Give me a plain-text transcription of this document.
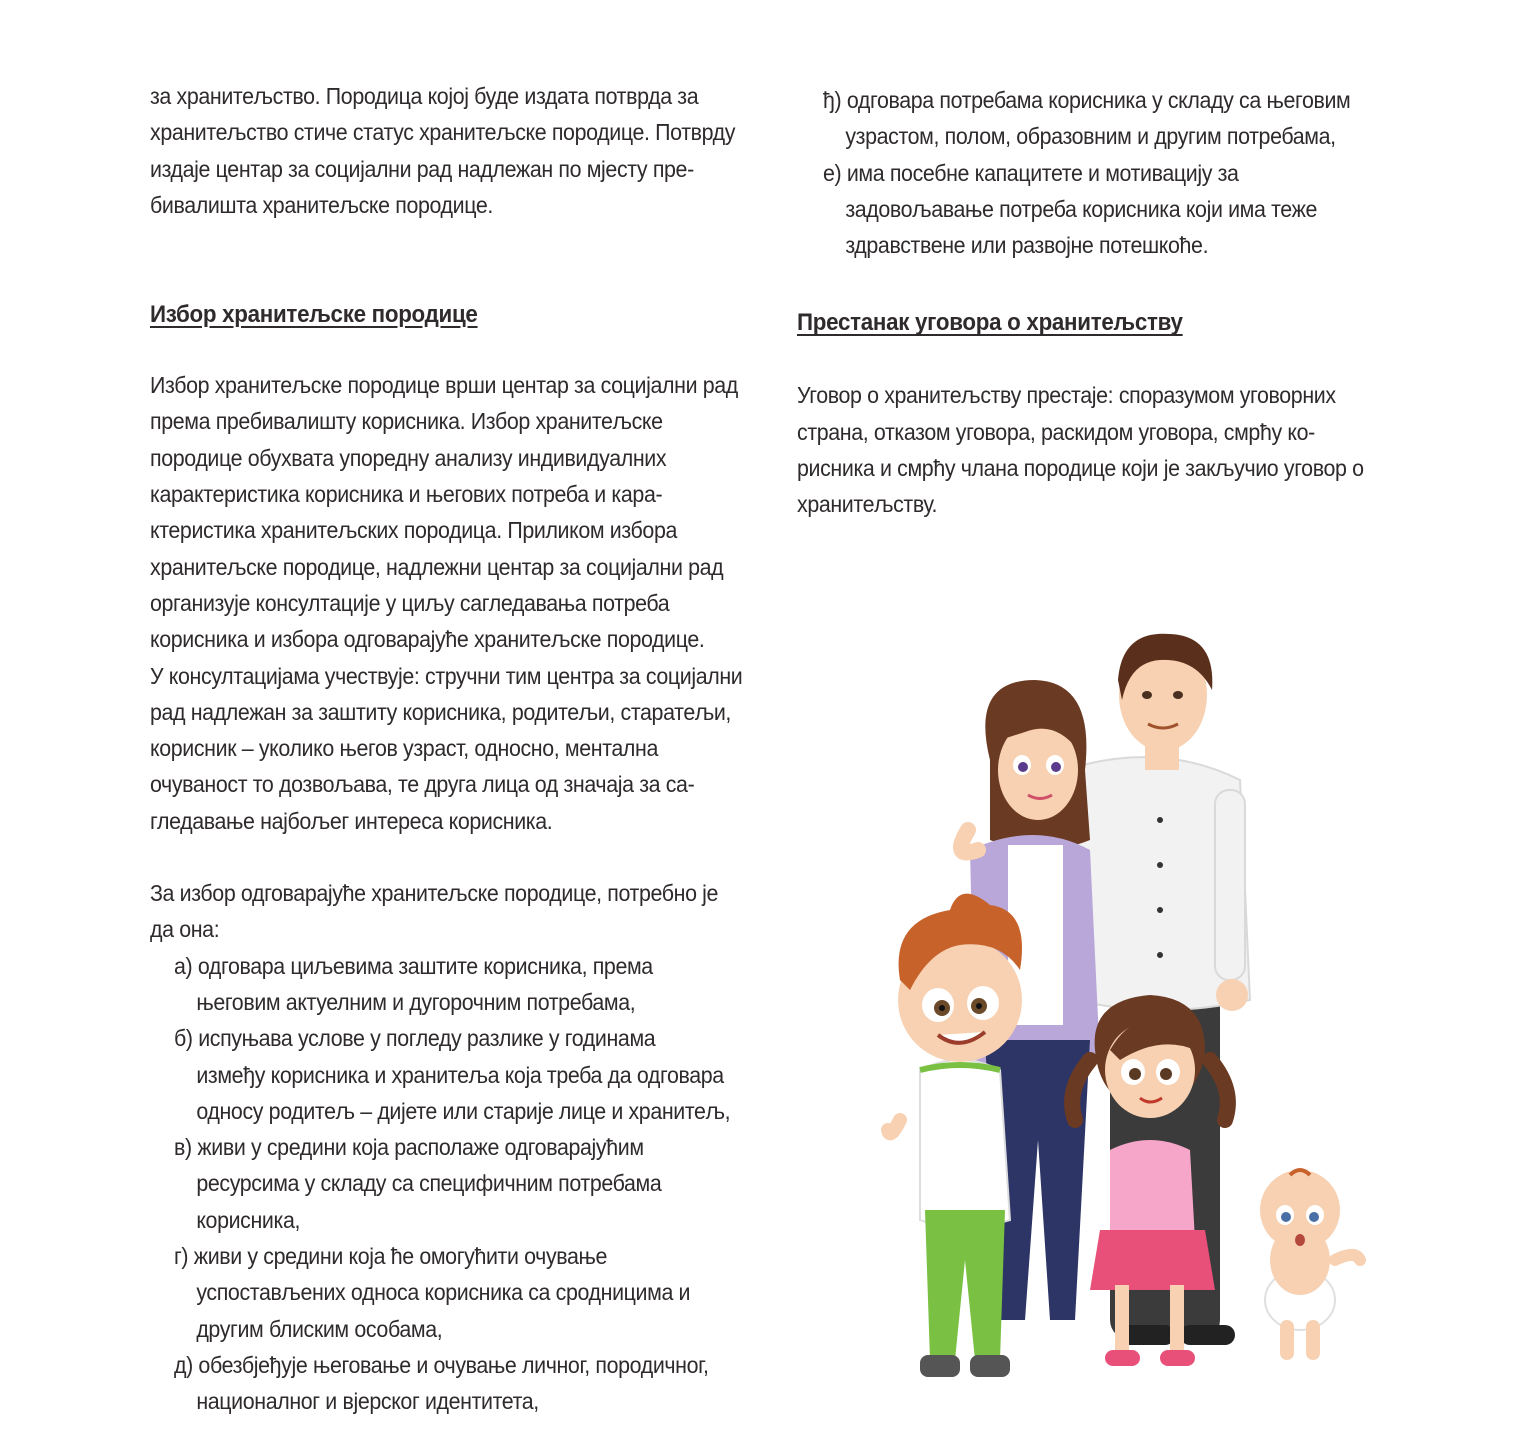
за хранитељство. Породица којој буде издата потврда за
хранитељство стиче статус хранитељске породице. Потврду
издаје центар за социјални рад надлежан по мјесту пре-
бивалишта хранитељске породице.
Избор хранитељске породице
Избор хранитељске породице врши центар за социјални рад
према пребивалишту корисника. Избор хранитељске
породице обухвата упоредну анализу индивидуалних
карактеристика корисника и његових потреба и кара-
ктеристика хранитељских породица. Приликом избора
хранитељске породице, надлежни центар за социјални рад
организује консултације у циљу сагледавања потреба
корисника и избора одговарајуће хранитељске породице.
У консултацијама учествује: стручни тим центра за социјални
рад надлежан за заштиту корисника, родитељи, старатељи,
корисник – уколико његов узраст, односно, ментална
очуваност то дозвољава, те друга лица од значаја за са-
гледавање најбољег интереса корисника.
За избор одговарајуће хранитељске породице, потребно је
да она:
а) одговара циљевима заштите корисника, према
његовим актуелним и дугорочним потребама,
б) испуњава услове у погледу разлике у годинама
између корисника и хранитеља која треба да одговара
односу родитељ – дијете или старије лице и хранитељ,
в) живи у средини која располаже одговарајућим
ресурсима у складу са специфичним потребама
корисника,
г) живи у средини која ће омогућити очување
успостављених односа корисника са сродницима и
другим блиским особама,
д) обезбјеђује његовање и очување личног, породичног,
националног и вјерског идентитета,
ђ) одговара потребама корисника у складу са његовим
узрастом, полом, образовним и другим потребама,
е) има посебне капацитете и мотивацију за
задовољавање потреба корисника који има теже
здравствене или развојне потешкоће.
Престанак уговора о хранитељству
Уговор о хранитељству престаје: споразумом уговорних
страна, отказом уговора, раскидом уговора, смрћу ко-
рисника и смрћу члана породице који је закључио уговор о
хранитељству.
